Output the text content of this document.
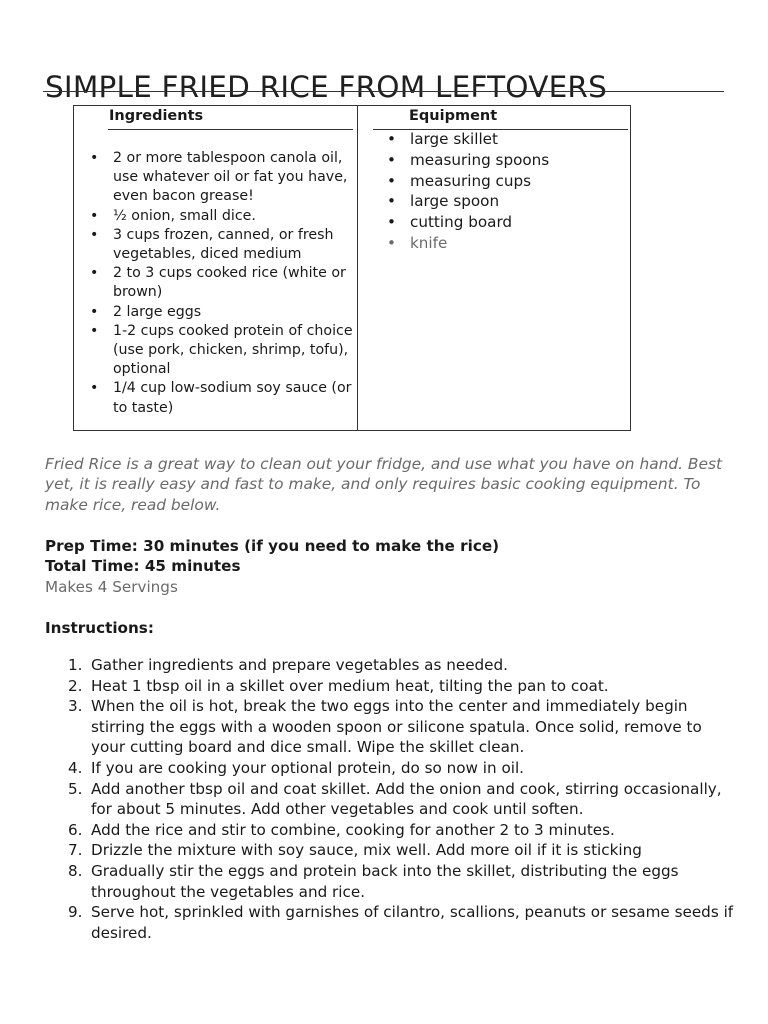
SIMPLE FRIED RICE FROM LEFTOVERS
Ingredients
• 2 or more tablespoon canola oil, use whatever oil or fat you have, even bacon grease!
• ½ onion, small dice.
• 3 cups frozen, canned, or fresh vegetables, diced medium
• 2 to 3 cups cooked rice (white or brown)
• 2 large eggs
• 1-2 cups cooked protein of choice (use pork, chicken, shrimp, tofu), optional
• 1/4 cup low-sodium soy sauce (or to taste)
Equipment
• large skillet
• measuring spoons
• measuring cups
• large spoon
• cutting board
• knife

Fried Rice is a great way to clean out your fridge, and use what you have on hand. Best yet, it is really easy and fast to make, and only requires basic cooking equipment. To make rice, read below.

Prep Time: 30 minutes (if you need to make the rice)
Total Time: 45 minutes
Makes 4 Servings
Instructions:
1. Gather ingredients and prepare vegetables as needed.
2. Heat 1 tbsp oil in a skillet over medium heat, tilting the pan to coat.
3. When the oil is hot, break the two eggs into the center and immediately begin stirring the eggs with a wooden spoon or silicone spatula. Once solid, remove to your cutting board and dice small. Wipe the skillet clean.
4. If you are cooking your optional protein, do so now in oil.
5. Add another tbsp oil and coat skillet. Add the onion and cook, stirring occasionally, for about 5 minutes. Add other vegetables and cook until soften.
6. Add the rice and stir to combine, cooking for another 2 to 3 minutes.
7. Drizzle the mixture with soy sauce, mix well. Add more oil if it is sticking
8. Gradually stir the eggs and protein back into the skillet, distributing the eggs throughout the vegetables and rice.
9. Serve hot, sprinkled with garnishes of cilantro, scallions, peanuts or sesame seeds if desired.
